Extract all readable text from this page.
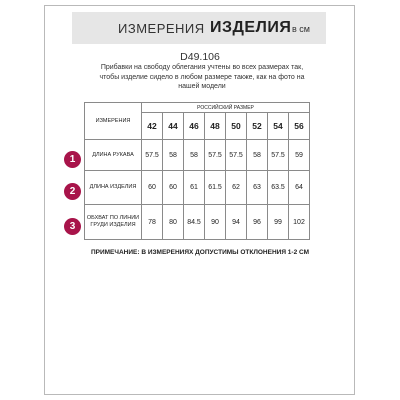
ИЗМЕРЕНИЯ ИЗДЕЛИЯ в см
D49.106
Прибавки на свободу облегания учтены во всех размерах так, чтобы изделие сидело в любом размере также, как на фото на нашей модели
ИЗМЕРЕНИЯ	РОССИЙСКИЙ РАЗМЕР							
	42	44	46	48	50	52	54	56
ДЛИНА РУКАВА	57.5	58	58	57.5	57.5	58	57.5	59
ДЛИНА ИЗДЕЛИЯ	60	60	61	61.5	62	63	63.5	64
ОБХВАТ ПО ЛИНИИ ГРУДИ ИЗДЕЛИЯ	78	80	84.5	90	94	96	99	102
1
2
3
ПРИМЕЧАНИЕ: В ИЗМЕРЕНИЯХ ДОПУСТИМЫ ОТКЛОНЕНИЯ 1-2 СМ
